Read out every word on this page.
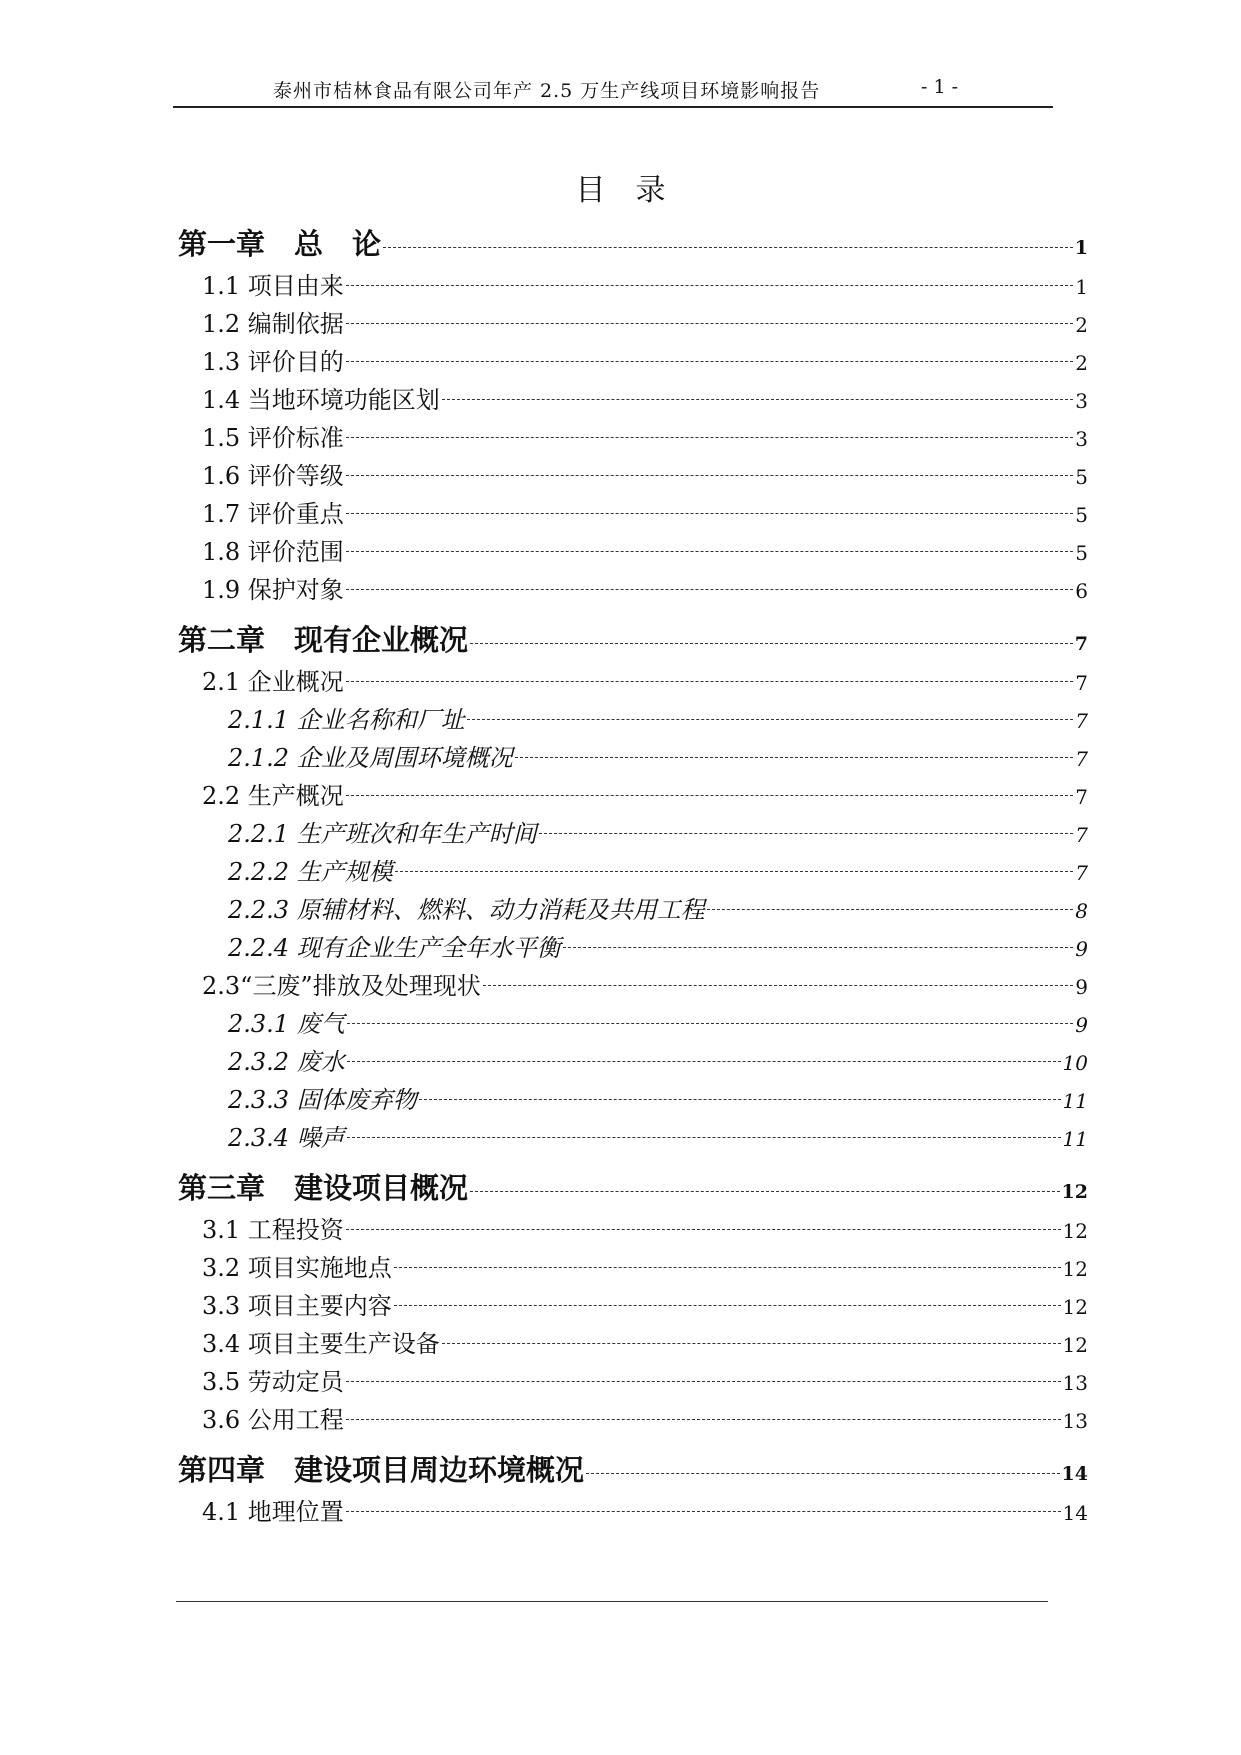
泰州市桔林食品有限公司年产 2.5 万生产线项目环境影响报告	- 1 -
目录
第一章　总　论	1
1.1 项目由来	1
1.2 编制依据	2
1.3 评价目的	2
1.4 当地环境功能区划	3
1.5 评价标准	3
1.6 评价等级	5
1.7 评价重点	5
1.8 评价范围	5
1.9 保护对象	6
第二章　现有企业概况	7
2.1 企业概况	7
2.1.1 企业名称和厂址	7
2.1.2 企业及周围环境概况	7
2.2 生产概况	7
2.2.1 生产班次和年生产时间	7
2.2.2 生产规模	7
2.2.3 原辅材料、燃料、动力消耗及共用工程	8
2.2.4 现有企业生产全年水平衡	9
2.3“三废”排放及处理现状	9
2.3.1 废气	9
2.3.2 废水	10
2.3.3 固体废弃物	11
2.3.4 噪声	11
第三章　建设项目概况	12
3.1 工程投资	12
3.2 项目实施地点	12
3.3 项目主要内容	12
3.4 项目主要生产设备	12
3.5 劳动定员	13
3.6 公用工程	13
第四章　建设项目周边环境概况	14
4.1 地理位置	14
